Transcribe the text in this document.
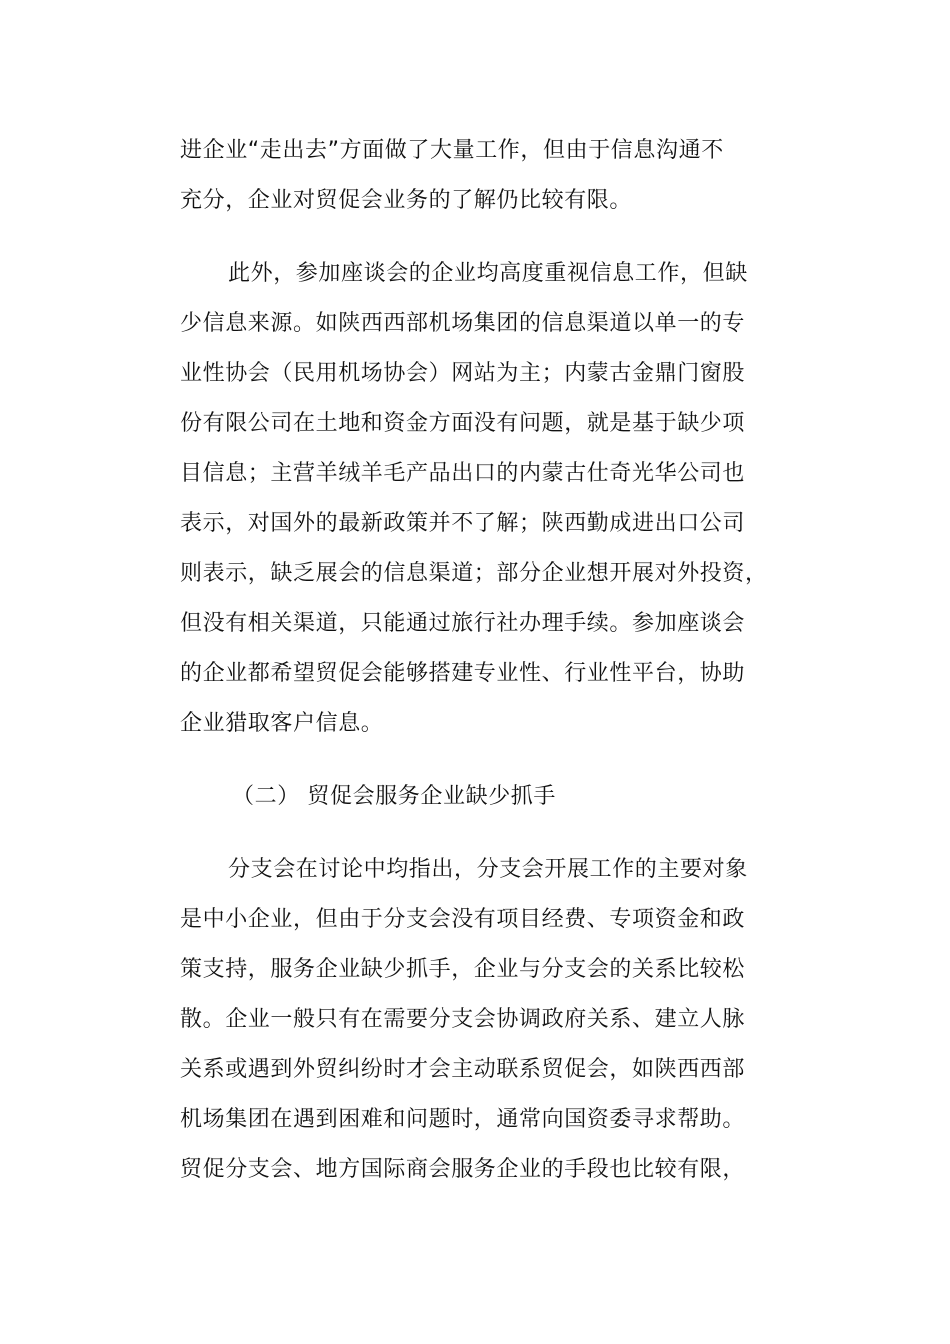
进企业“走出去”方面做了大量工作，但由于信息沟通不

充分，企业对贸促会业务的了解仍比较有限。

此外，参加座谈会的企业均高度重视信息工作，但缺

少信息来源。如陕西西部机场集团的信息渠道以单一的专

业性协会（民用机场协会）网站为主；内蒙古金鼎门窗股

份有限公司在土地和资金方面没有问题，就是基于缺少项

目信息；主营羊绒羊毛产品出口的内蒙古仕奇光华公司也

表示，对国外的最新政策并不了解；陕西勤成进出口公司

则表示，缺乏展会的信息渠道；部分企业想开展对外投资，

但没有相关渠道，只能通过旅行社办理手续。参加座谈会

的企业都希望贸促会能够搭建专业性、行业性平台，协助

企业猎取客户信息。

（二） 贸促会服务企业缺少抓手

分支会在讨论中均指出，分支会开展工作的主要对象

是中小企业，但由于分支会没有项目经费、专项资金和政

策支持，服务企业缺少抓手，企业与分支会的关系比较松

散。企业一般只有在需要分支会协调政府关系、建立人脉

关系或遇到外贸纠纷时才会主动联系贸促会，如陕西西部

机场集团在遇到困难和问题时，通常向国资委寻求帮助。

贸促分支会、地方国际商会服务企业的手段也比较有限，
